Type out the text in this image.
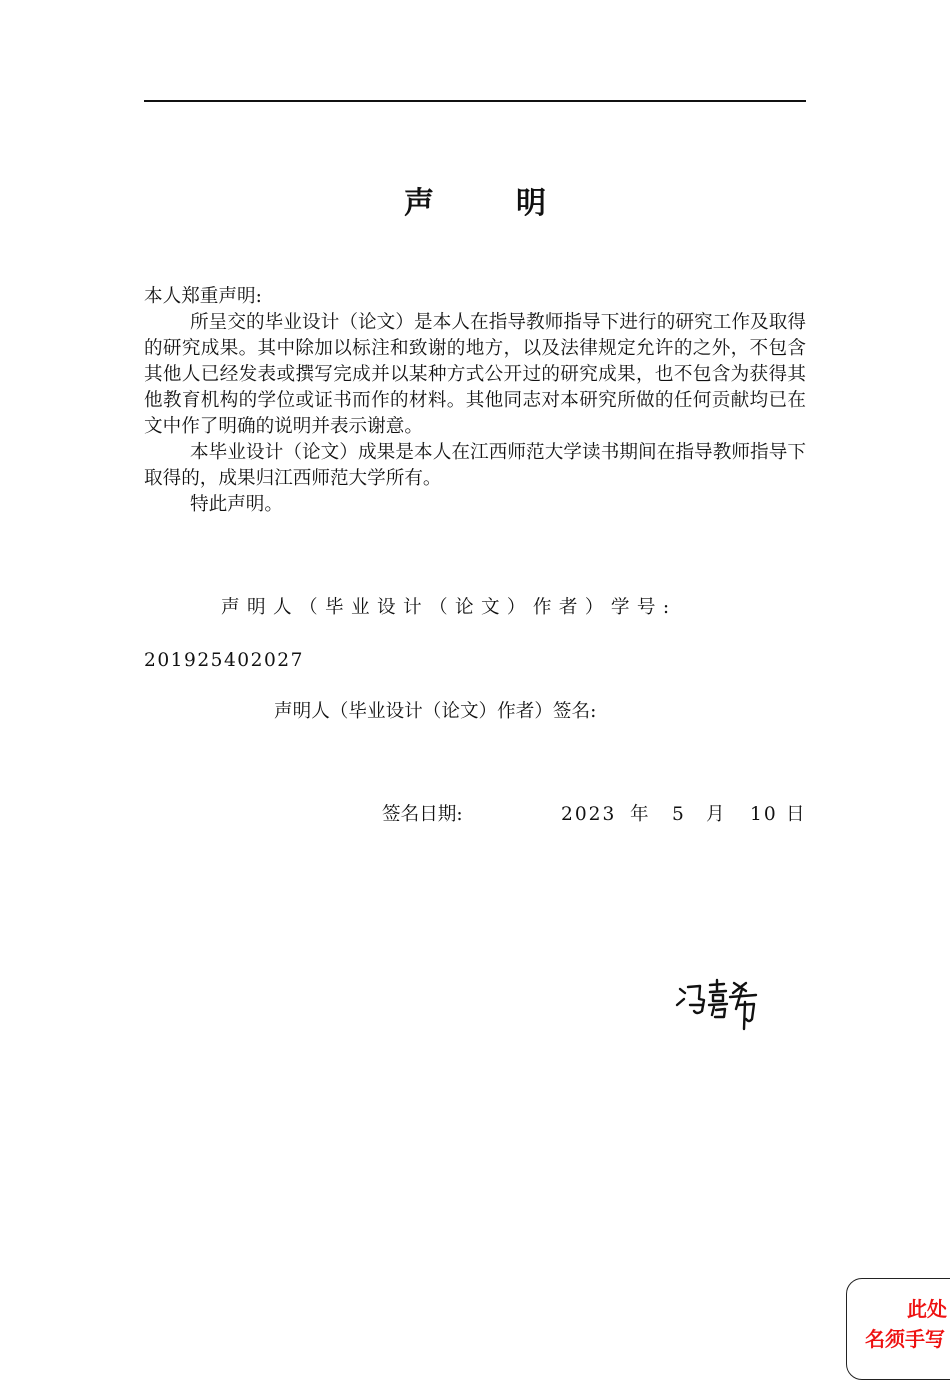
声明

本人郑重声明:

所呈交的毕业设计（论文）是本人在指导教师指导下进行的研究工作及取得的研究成果。其中除加以标注和致谢的地方，以及法律规定允许的之外，不包含其他人已经发表或撰写完成并以某种方式公开过的研究成果，也不包含为获得其他教育机构的学位或证书而作的材料。其他同志对本研究所做的任何贡献均已在文中作了明确的说明并表示谢意。

本毕业设计（论文）成果是本人在江西师范大学读书期间在指导教师指导下取得的，成果归江西师范大学所有。

特此声明。

声明人（毕业设计（论文）作者）学号:
201925402027
声明人（毕业设计（论文）作者）签名:
签名日期:	2023 年 5 月 10 日
此处
名须手写
